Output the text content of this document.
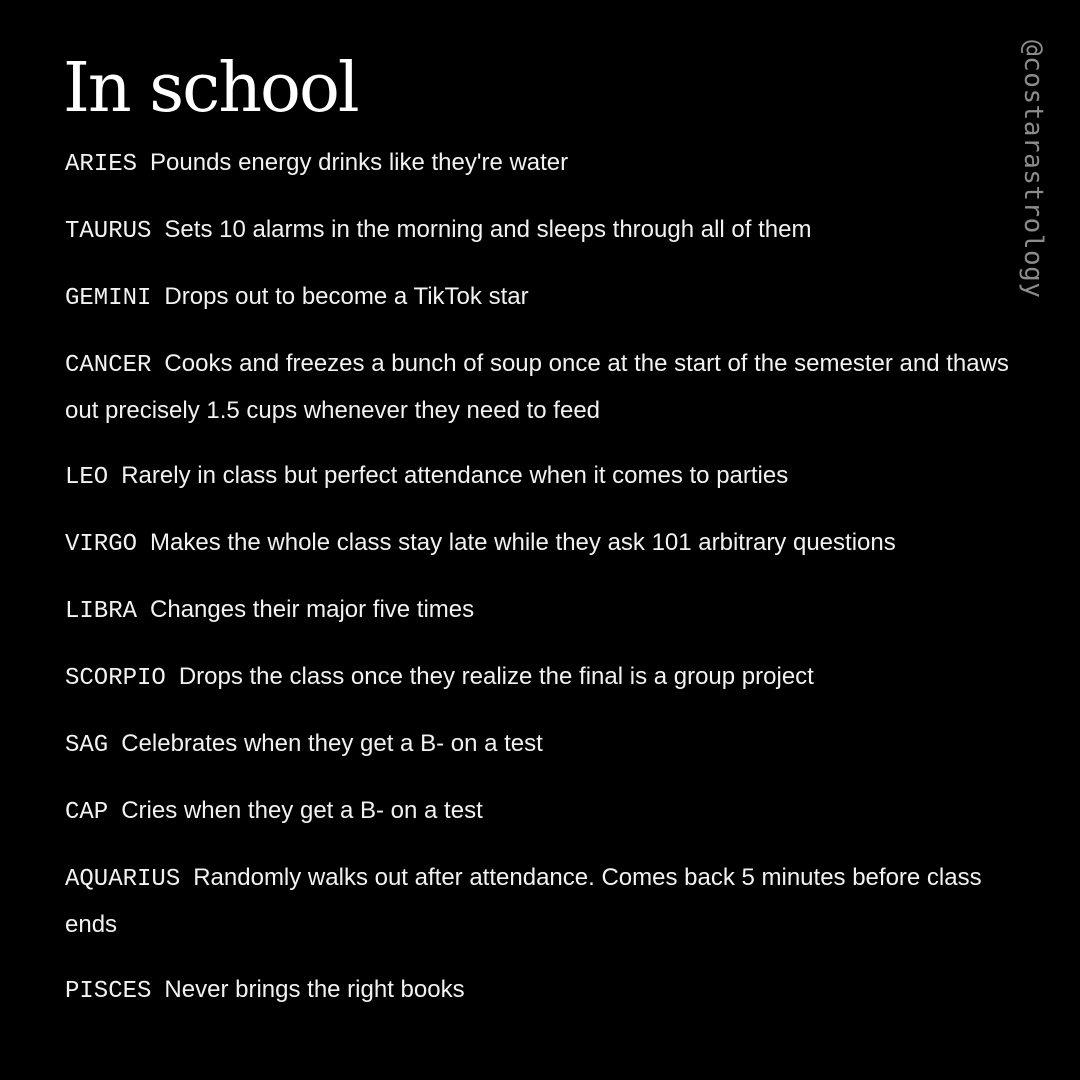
In school
ARIES Pounds energy drinks like they're water
TAURUS Sets 10 alarms in the morning and sleeps through all of them
GEMINI Drops out to become a TikTok star
CANCER Cooks and freezes a bunch of soup once at the start of the semester and thaws out precisely 1.5 cups whenever they need to feed
LEO Rarely in class but perfect attendance when it comes to parties
VIRGO Makes the whole class stay late while they ask 101 arbitrary questions
LIBRA Changes their major five times
SCORPIO Drops the class once they realize the final is a group project
SAG Celebrates when they get a B- on a test
CAP Cries when they get a B- on a test
AQUARIUS Randomly walks out after attendance. Comes back 5 minutes before class ends
PISCES Never brings the right books
@costarastrology
